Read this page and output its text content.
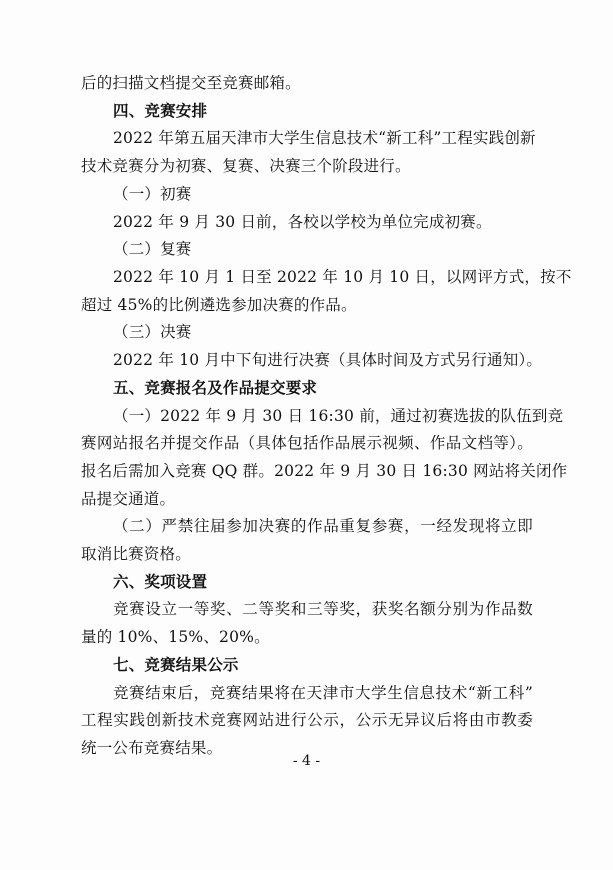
后的扫描文档提交至竞赛邮箱。
四、竞赛安排
2022 年第五届天津市大学生信息技术“新工科”工程实践创新
技术竞赛分为初赛、复赛、决赛三个阶段进行。
（一）初赛
2022 年 9 月 30 日前，各校以学校为单位完成初赛。
（二）复赛
2022 年 10 月 1 日至 2022 年 10 月 10 日，以网评方式，按不
超过 45%的比例遴选参加决赛的作品。
（三）决赛
2022 年 10 月中下旬进行决赛（具体时间及方式另行通知）。
五、竞赛报名及作品提交要求
（一）2022 年 9 月 30 日 16:30 前，通过初赛选拔的队伍到竞
赛网站报名并提交作品（具体包括作品展示视频、作品文档等）。
报名后需加入竞赛 QQ 群。2022 年 9 月 30 日 16:30 网站将关闭作
品提交通道。
（二）严禁往届参加决赛的作品重复参赛，一经发现将立即
取消比赛资格。
六、奖项设置
竞赛设立一等奖、二等奖和三等奖，获奖名额分别为作品数
量的 10%、15%、20%。
七、竞赛结果公示
竞赛结束后，竞赛结果将在天津市大学生信息技术“新工科”
工程实践创新技术竞赛网站进行公示，公示无异议后将由市教委
统一公布竞赛结果。
- 4 -
